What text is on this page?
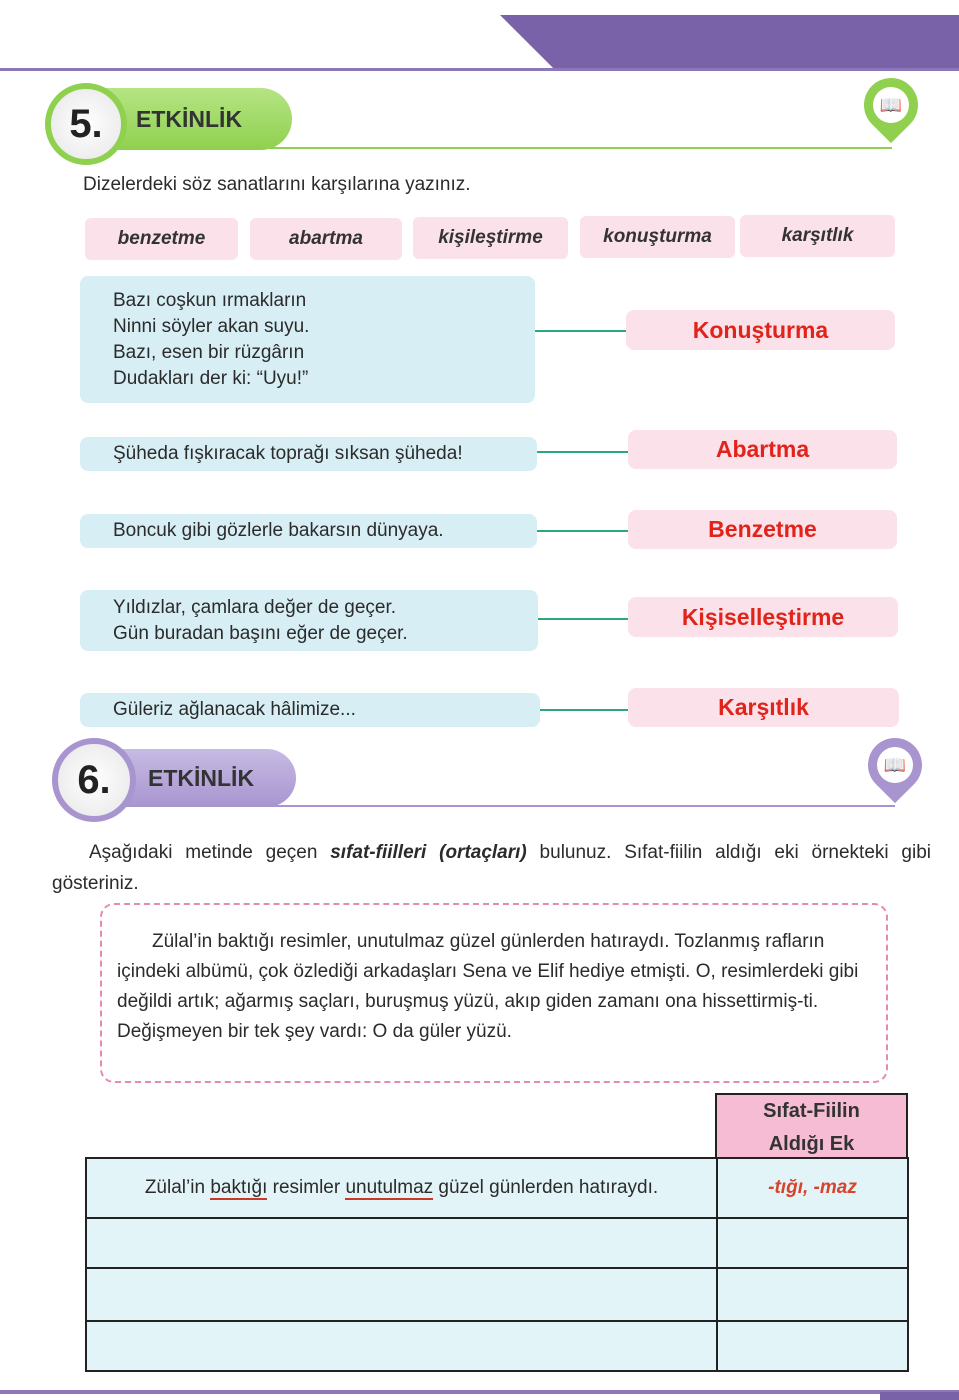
ETKİNLİK
5.	📖
Dizelerdeki söz sanatlarını karşılarına yazınız.
benzetme	abartma	kişileştirme	konuşturma	karşıtlık
Bazı coşkun ırmakların
Ninni söyler akan suyu.
Bazı, esen bir rüzgârın
Dudakları der ki: “Uyu!”
Konuşturma
Şüheda fışkıracak toprağı sıksan şüheda!	Abartma
Boncuk gibi gözlerle bakarsın dünyaya.	Benzetme
Yıldızlar, çamlara değer de geçer.
Gün buradan başını eğer de geçer.
Kişiselleştirme
Güleriz ağlanacak hâlimize...	Karşıtlık
ETKİNLİK
6.	📖
Aşağıdaki metinde geçen sıfat-fiilleri (ortaçları) bulunuz. Sıfat-fiilin aldığı eki örnekteki gibi gösteriniz.
Zülal’in baktığı resimler, unutulmaz güzel günlerden hatıraydı. Tozlanmış rafların içindeki albümü, çok özlediği arkadaşları Sena ve Elif hediye etmişti. O, resimlerdeki gibi değildi artık; ağarmış saçları, buruşmuş yüzü, akıp giden zamanı ona hissettirmiş-ti. Değişmeyen bir tek şey vardı: O da güler yüzü.
Sıfat-Fiilin
Aldığı Ek
Zülal’in baktığı resimler unutulmaz güzel günlerden hatıraydı.	-tığı, -maz
